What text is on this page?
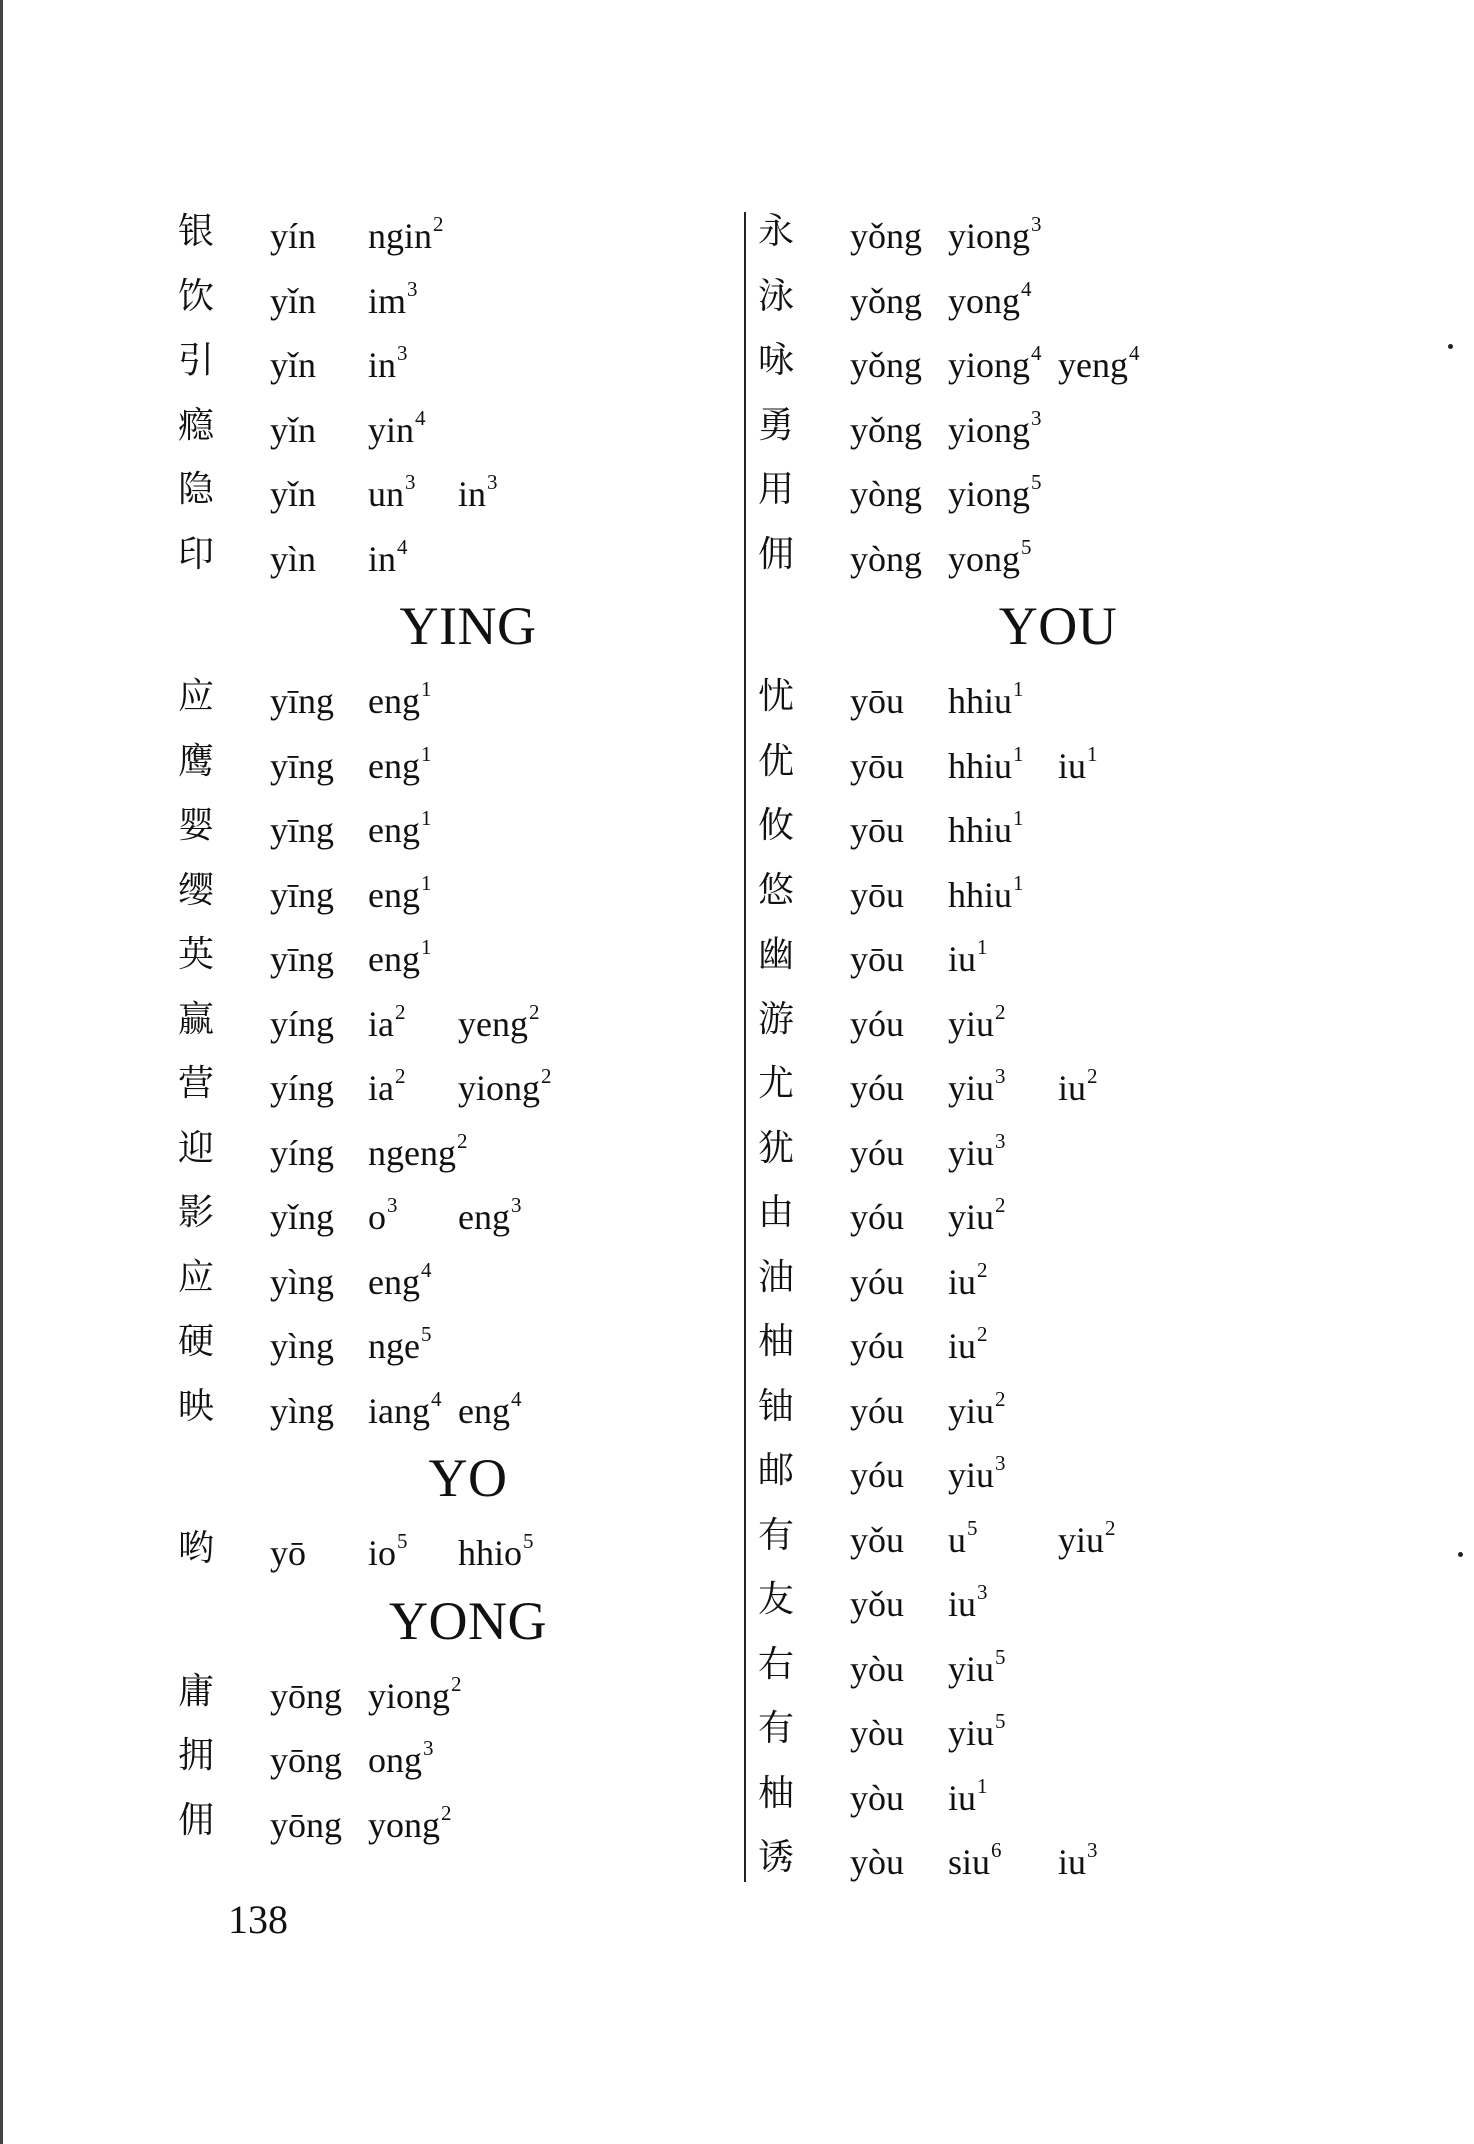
银 yín ngin$^2$
饮 yǐn $im^3$
引 yǐn $in^3$
瘾 yǐn yin$^4$
隐 yǐn $un^3$ $in^3$
印 yìn $in^4$
YING
应 yīng eng$^1$
鹰 yīng eng$^1$
婴 yīng eng$^1$
缨 yīng eng$^1$
英 yīng eng$^1$
赢 yíng $ia^2$ yeng$^2$
营 yíng $ia^2$ yiong$^2$
迎 yíng ngeng$^2$
影 yǐng $o^3$ eng$^3$
应 yìng eng$^4$
硬 yìng nge$^5$
映 yìng iang$^4$ eng$^4$
YO
哟 yō $io^5$ hhio$^5$
YONG
庸 yōng yiong$^2$
拥 yōng ong$^3$
佣 yōng yong$^2$
永 yǒng yiong$^3$
泳 yǒng yong$^4$
咏 yǒng yiong$^4$ yeng$^4$
勇 yǒng yiong$^3$
用 yòng yiong$^5$
佣 yòng yong$^5$
YOU
忧 yōu hhiu$^1$
优 yōu hhiu$^1$ $iu^1$
攸 yōu hhiu$^1$
悠 yōu hhiu$^1$
幽 yōu $iu^1$
游 yóu yiu$^2$
尤 yóu yiu$^3$ $iu^2$
犹 yóu yiu$^3$
由 yóu yiu$^2$
油 yóu $iu^2$
柚 yóu $iu^2$
铀 yóu yiu$^2$
邮 yóu yiu$^3$
有 yǒu $u^5$ yiu$^2$
友 yǒu $iu^3$
右 yòu yiu$^5$
有 yòu yiu$^5$
柚 yòu $iu^1$
诱 yòu siu$^6$ $iu^3$
138
